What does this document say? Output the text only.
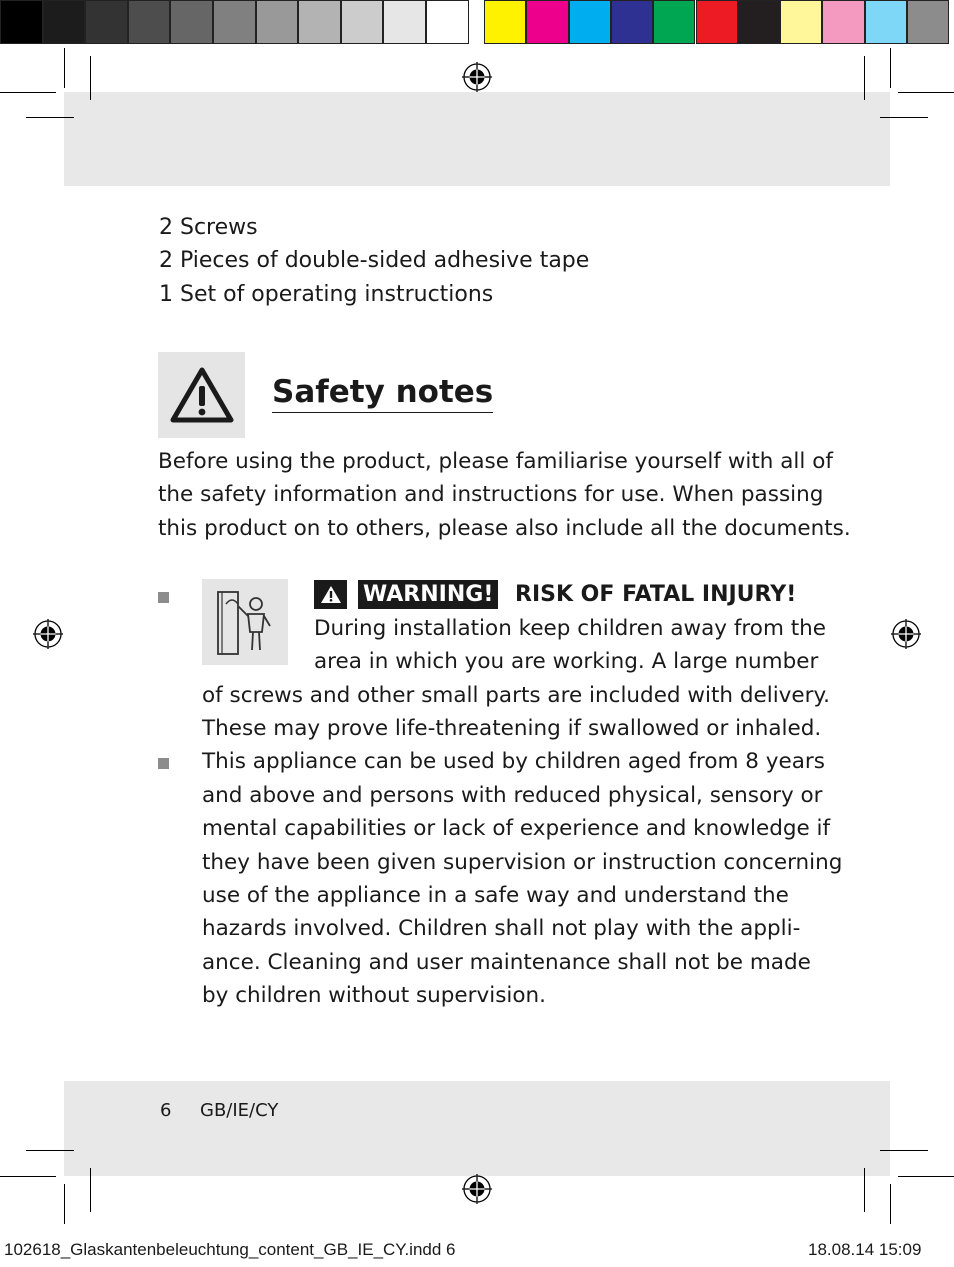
2 Screws
2 Pieces of double-sided adhesive tape
1 Set of operating instructions
Safety notes
Before using the product, please familiarise yourself with all of
the safety information and instructions for use. When passing
this product on to others, please also include all the documents.
WARNING! RISK OF FATAL INJURY!
During installation keep children away from the
area in which you are working. A large number
of screws and other small parts are included with delivery.
These may prove life-threatening if swallowed or inhaled.
This appliance can be used by children aged from 8 years
and above and persons with reduced physical, sensory or
mental capabilities or lack of experience and knowledge if
they have been given supervision or instruction concerning
use of the appliance in a safe way and understand the
hazards involved. Children shall not play with the appli-
ance. Cleaning and user maintenance shall not be made
by children without supervision.
6 GB/IE/CY
102618_Glaskantenbeleuchtung_content_GB_IE_CY.indd 6	18.08.14 15:09
